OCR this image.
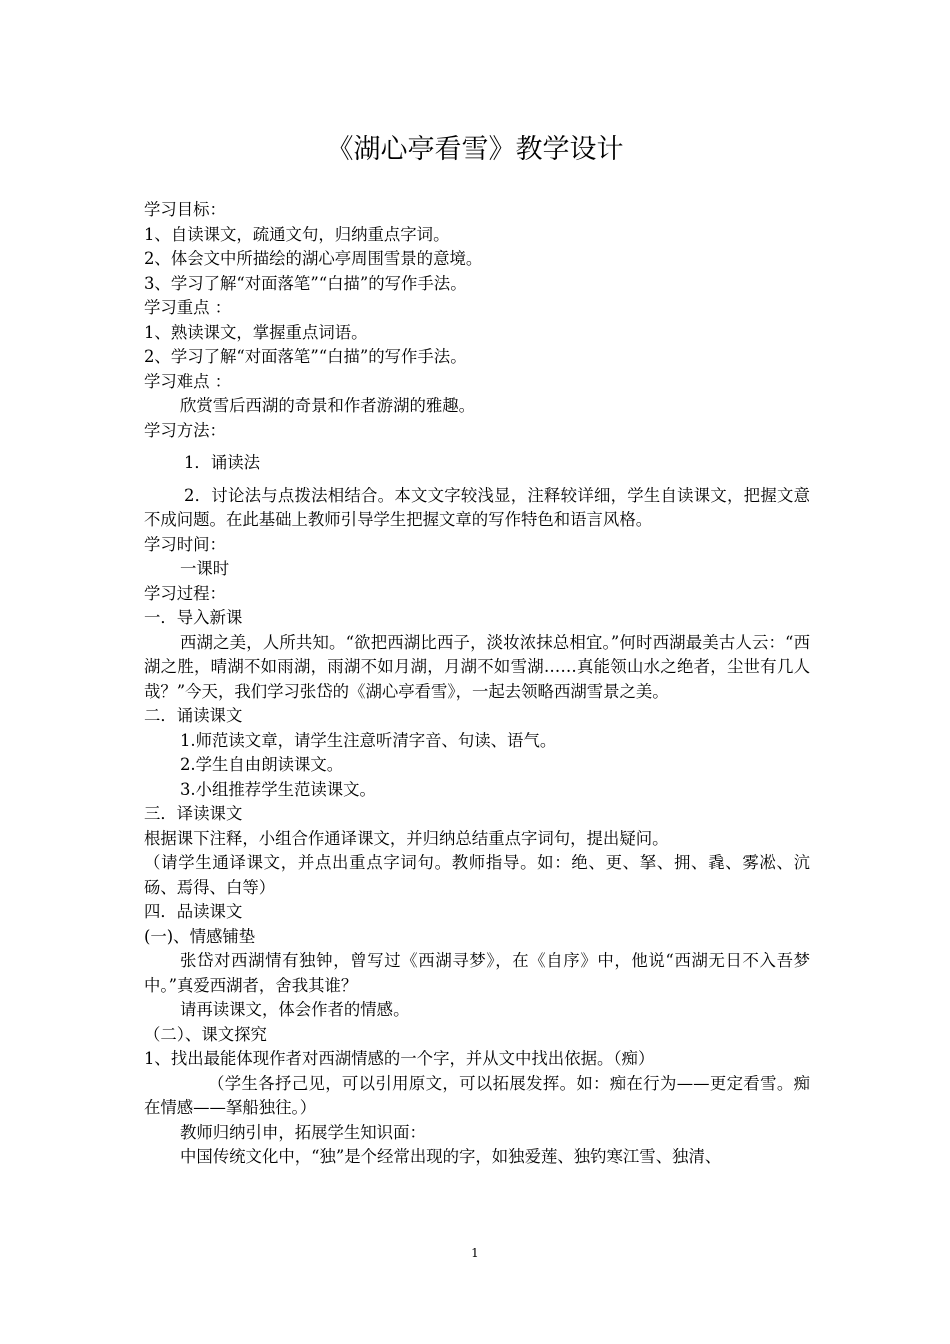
《湖心亭看雪》教学设计

学习目标：

1、自读课文，疏通文句，归纳重点字词。

2、体会文中所描绘的湖心亭周围雪景的意境。

3、学习了解“对面落笔”“白描”的写作手法。

学习重点 ：

1、熟读课文，掌握重点词语。

2、学习了解“对面落笔”“白描”的写作手法。

学习难点 ：

欣赏雪后西湖的奇景和作者游湖的雅趣。

学习方法：

1．诵读法

2．讨论法与点拨法相结合。本文文字较浅显，注释较详细，学生自读课文，把握文意不成问题。在此基础上教师引导学生把握文章的写作特色和语言风格。

学习时间：

一课时

学习过程：

一．导入新课

西湖之美，人所共知。“欲把西湖比西子，淡妆浓抹总相宜。”何时西湖最美古人云：“西湖之胜，晴湖不如雨湖，雨湖不如月湖，月湖不如雪湖……真能领山水之绝者，尘世有几人哉？”今天，我们学习张岱的《湖心亭看雪》，一起去领略西湖雪景之美。

二．诵读课文

1.师范读文章，请学生注意听清字音、句读、语气。

2.学生自由朗读课文。

3.小组推荐学生范读课文。

三．译读课文

根据课下注释，小组合作通译课文，并归纳总结重点字词句，提出疑问。

（请学生通译课文，并点出重点字词句。教师指导。如：绝、更、拏、拥、毳、雾凇、沆砀、焉得、白等）

四．品读课文

(一)、情感铺垫

张岱对西湖情有独钟，曾写过《西湖寻梦》，在《自序》中，他说“西湖无日不入吾梦中。”真爱西湖者，舍我其谁？

请再读课文，体会作者的情感。

（二）、课文探究

1、找出最能体现作者对西湖情感的一个字，并从文中找出依据。（痴）

（学生各抒己见，可以引用原文，可以拓展发挥。如：痴在行为——更定看雪。痴在情感——拏船独往。）

教师归纳引申，拓展学生知识面：

中国传统文化中，“独”是个经常出现的字，如独爱莲、独钓寒江雪、独清、

1
